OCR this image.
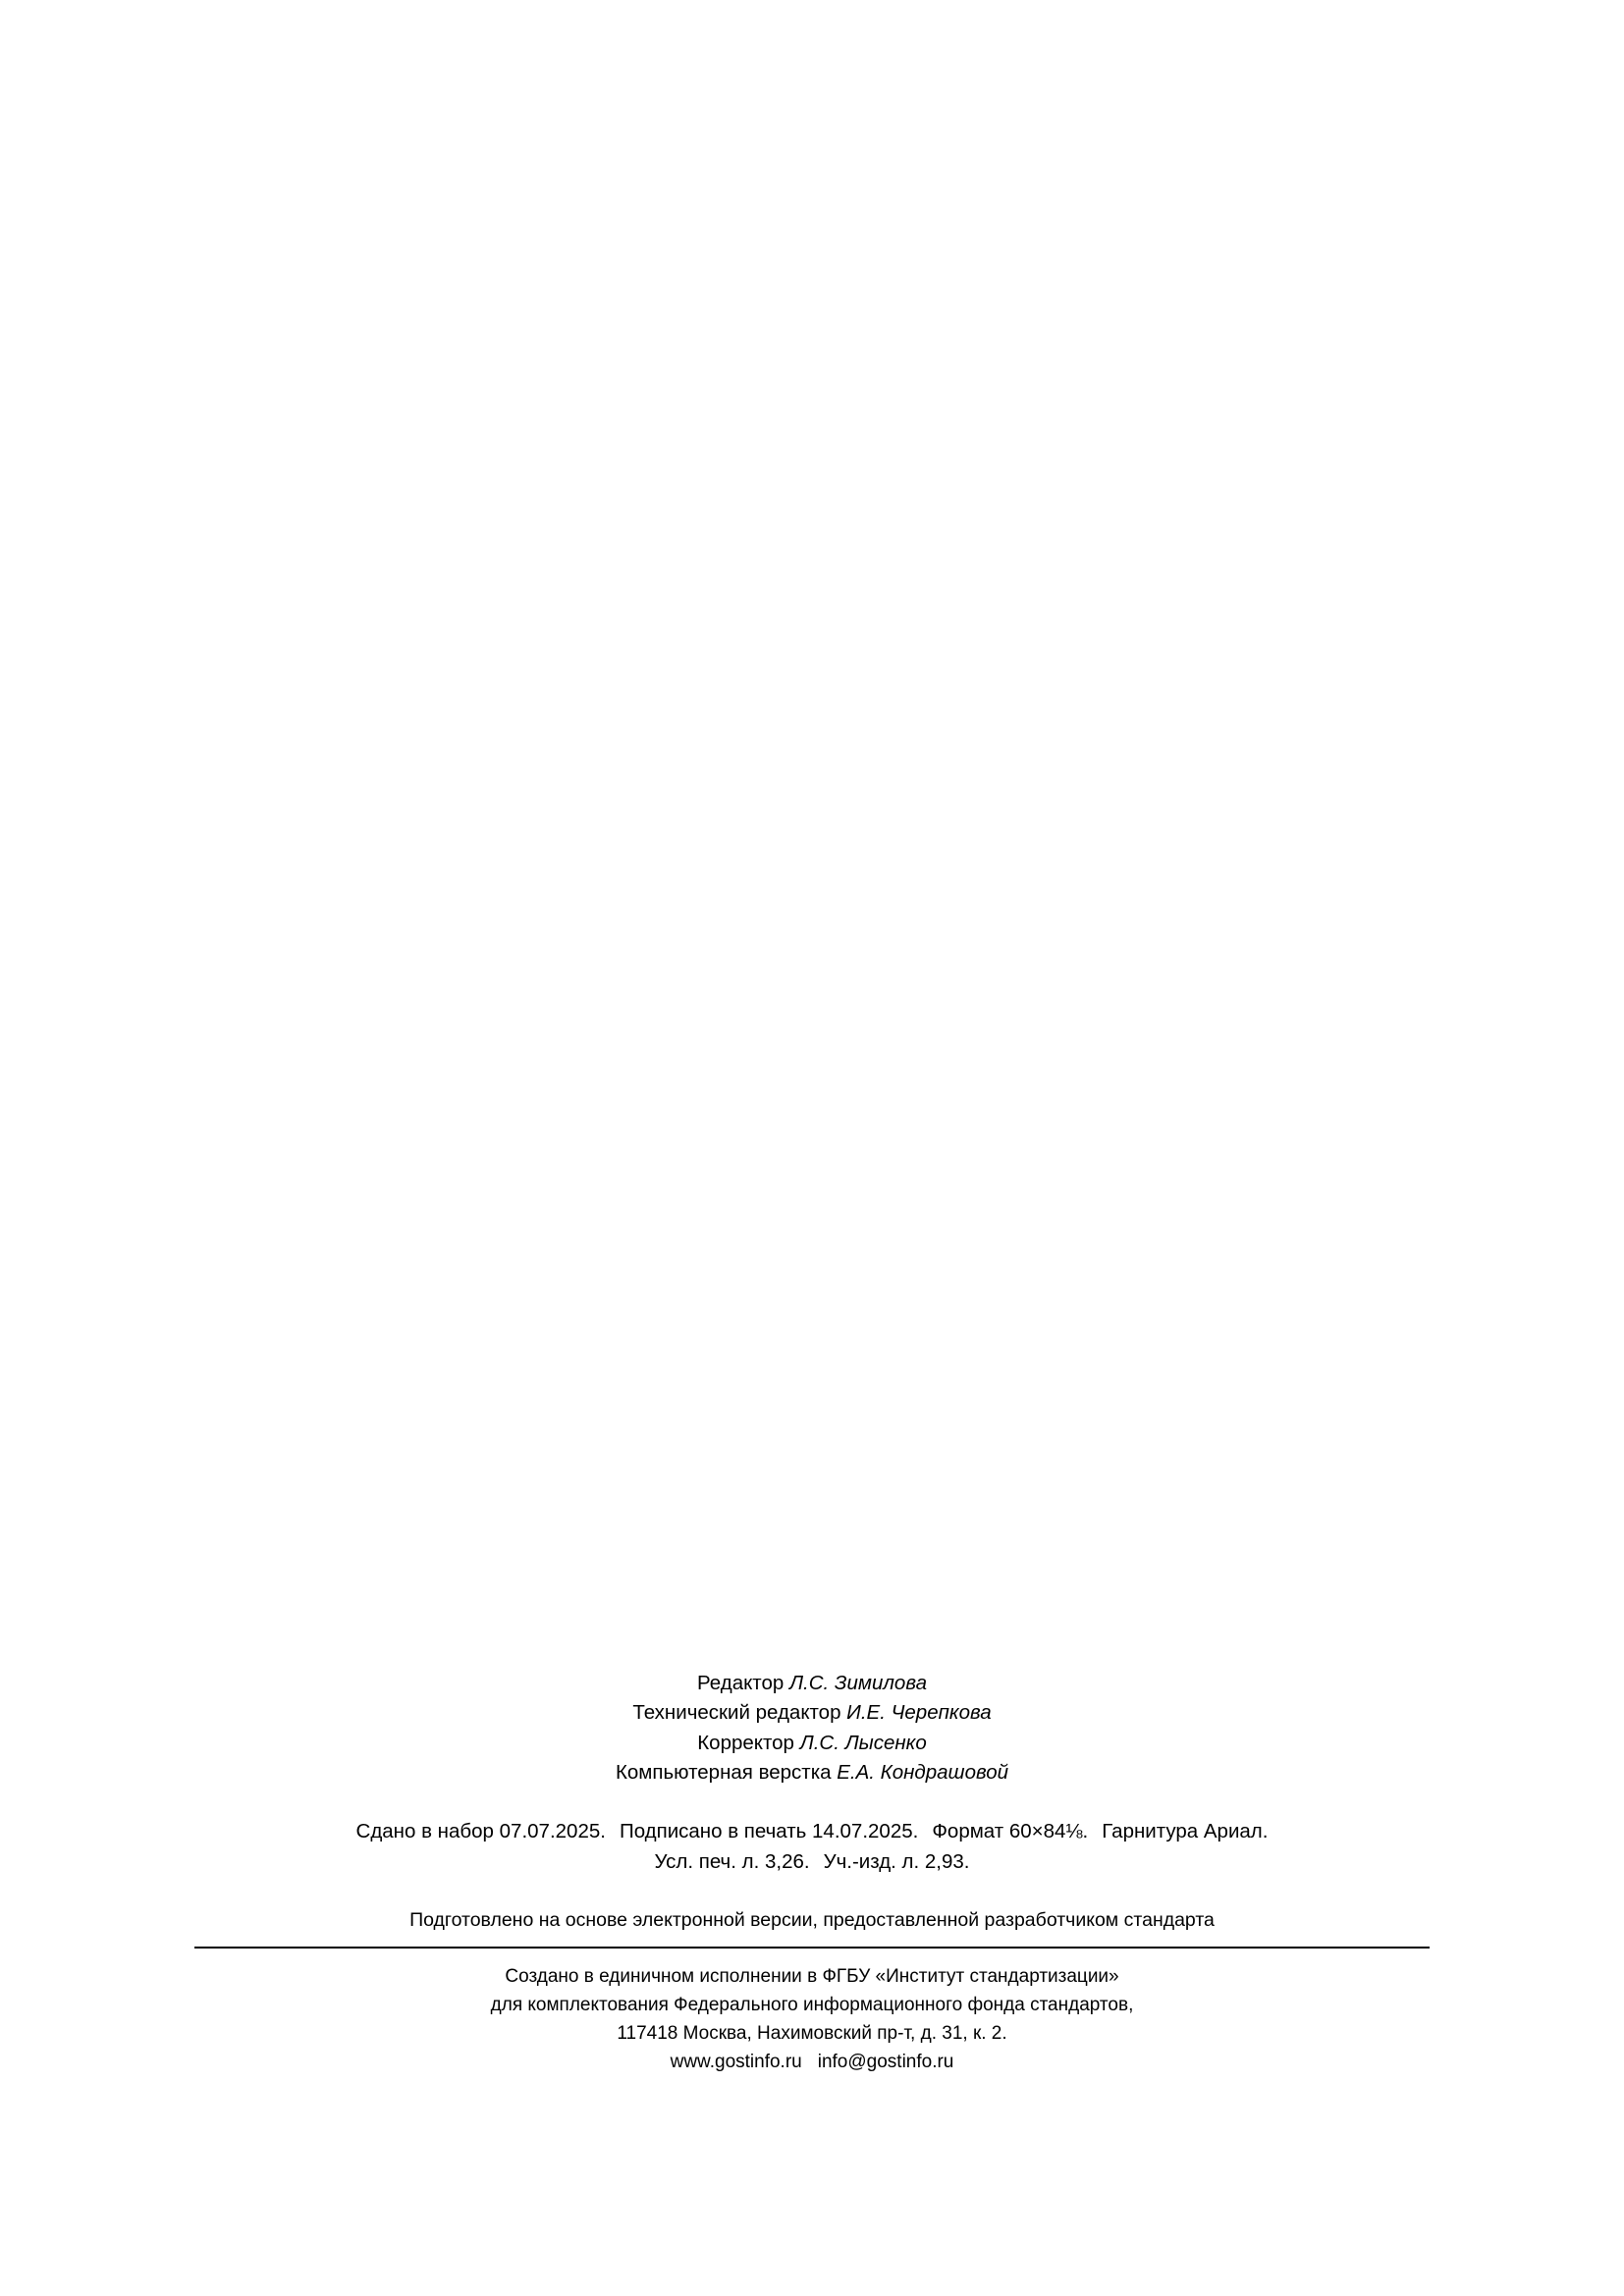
Редактор Л.С. Зимилова
Технический редактор И.Е. Черепкова
Корректор Л.С. Лысенко
Компьютерная верстка Е.А. Кондрашовой
Сдано в набор 07.07.2025. Подписано в печать 14.07.2025. Формат 60×84⅛. Гарнитура Ариал.
Усл. печ. л. 3,26. Уч.-изд. л. 2,93.
Подготовлено на основе электронной версии, предоставленной разработчиком стандарта
Создано в единичном исполнении в ФГБУ «Институт стандартизации»
для комплектования Федерального информационного фонда стандартов,
117418 Москва, Нахимовский пр-т, д. 31, к. 2.
www.gostinfo.ru info@gostinfo.ru
